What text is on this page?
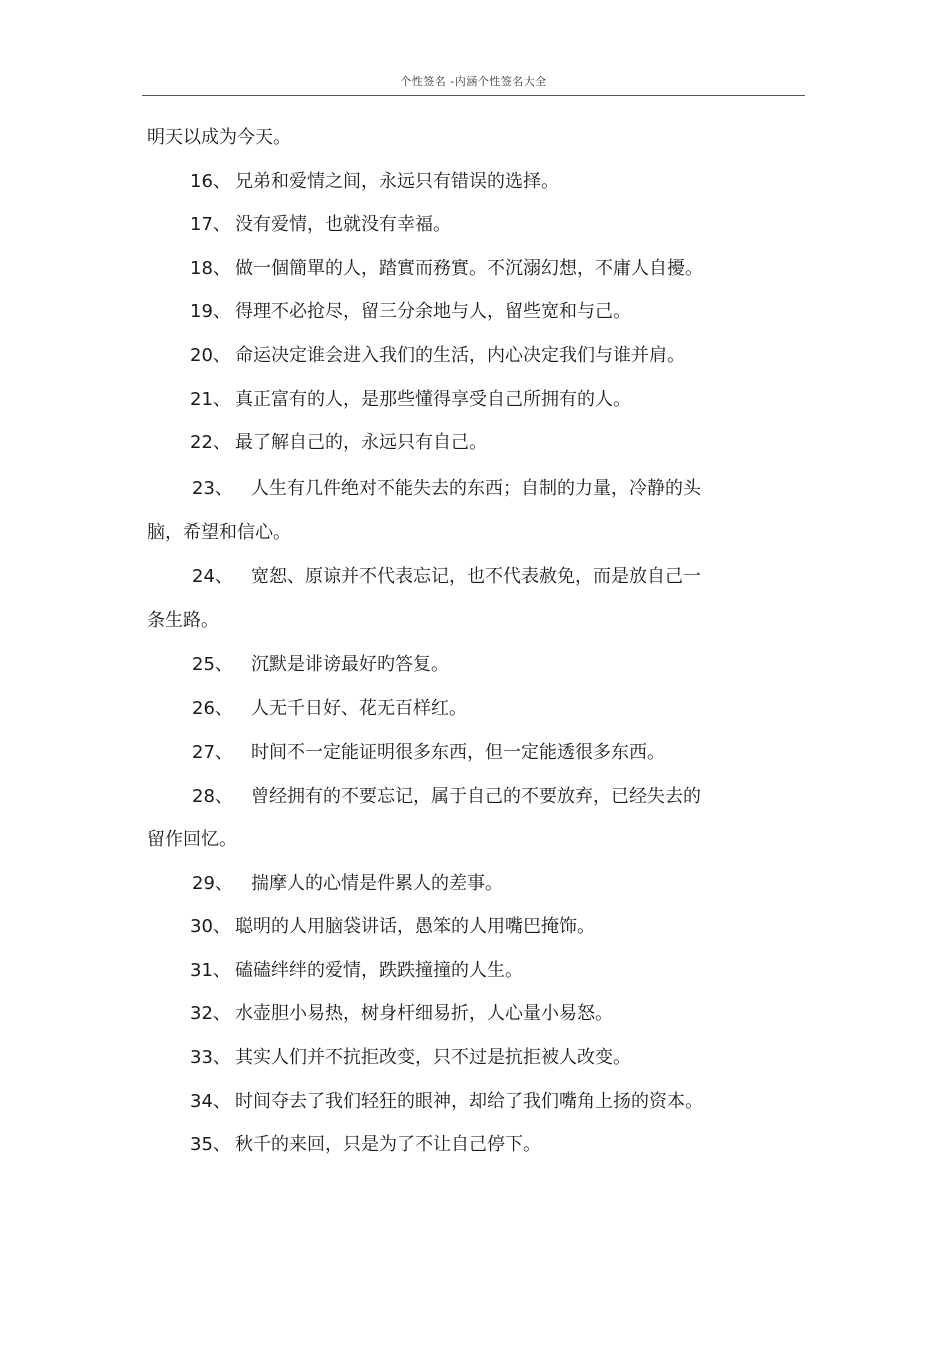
个性签名 -内涵个性签名大全
明天以成为今天。
16、 兄弟和爱情之间，永远只有错误的选择。
17、 没有爱情，也就没有幸福。
18、 做一個簡單的人，踏實而務實。不沉溺幻想，不庸人自擾。
19、 得理不必抢尽，留三分余地与人，留些宽和与己。
20、 命运决定谁会进入我们的生活，内心决定我们与谁并肩。
21、 真正富有的人，是那些懂得享受自己所拥有的人。
22、 最了解自己的，永远只有自己。
23、 人生有几件绝对不能失去的东西；自制的力量，冷静的头
脑，希望和信心。
24、 宽恕、原谅并不代表忘记，也不代表赦免，而是放自己一
条生路。
25、 沉默是诽谤最好旳答复。
26、 人无千日好、花无百样红。
27、 时间不一定能证明很多东西，但一定能透很多东西。
28、 曾经拥有的不要忘记，属于自己的不要放弃，已经失去的
留作回忆。
29、 揣摩人的心情是件累人的差事。
30、 聪明的人用脑袋讲话，愚笨的人用嘴巴掩饰。
31、 磕磕绊绊的爱情，跌跌撞撞的人生。
32、 水壶胆小易热，树身杆细易折，人心量小易怒。
33、 其实人们并不抗拒改变，只不过是抗拒被人改变。
34、 时间夺去了我们轻狂的眼神，却给了我们嘴角上扬的资本。
35、 秋千的来回，只是为了不让自己停下。
